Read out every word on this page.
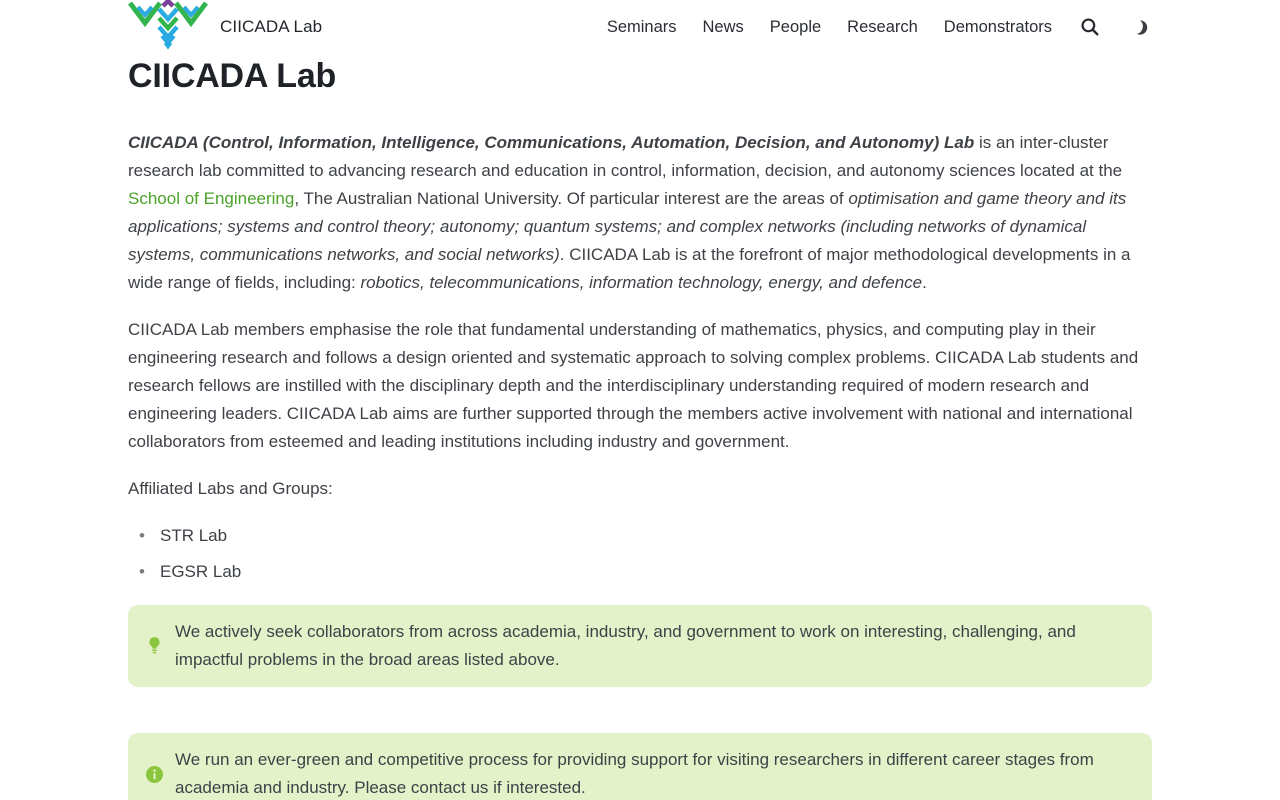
CIICADA Lab	Seminars News People Research Demonstrators
CIICADA Lab

CIICADA (Control, Information, Intelligence, Communications, Automation, Decision, and Autonomy) Lab is an inter-cluster research lab committed to advancing research and education in control, information, decision, and autonomy sciences located at the School of Engineering, The Australian National University. Of particular interest are the areas of optimisation and game theory and its applications; systems and control theory; autonomy; quantum systems; and complex networks (including networks of dynamical systems, communications networks, and social networks). CIICADA Lab is at the forefront of major methodological developments in a wide range of fields, including: robotics, telecommunications, information technology, energy, and defence.

CIICADA Lab members emphasise the role that fundamental understanding of mathematics, physics, and computing play in their engineering research and follows a design oriented and systematic approach to solving complex problems. CIICADA Lab students and research fellows are instilled with the disciplinary depth and the interdisciplinary understanding required of modern research and engineering leaders. CIICADA Lab aims are further supported through the members active involvement with national and international collaborators from esteemed and leading institutions including industry and government.

Affiliated Labs and Groups:

• STR Lab
• EGSR Lab
We actively seek collaborators from across academia, industry, and government to work on interesting, challenging, and impactful problems in the broad areas listed above.
We run an ever-green and competitive process for providing support for visiting researchers in different career stages from academia and industry. Please contact us if interested.
